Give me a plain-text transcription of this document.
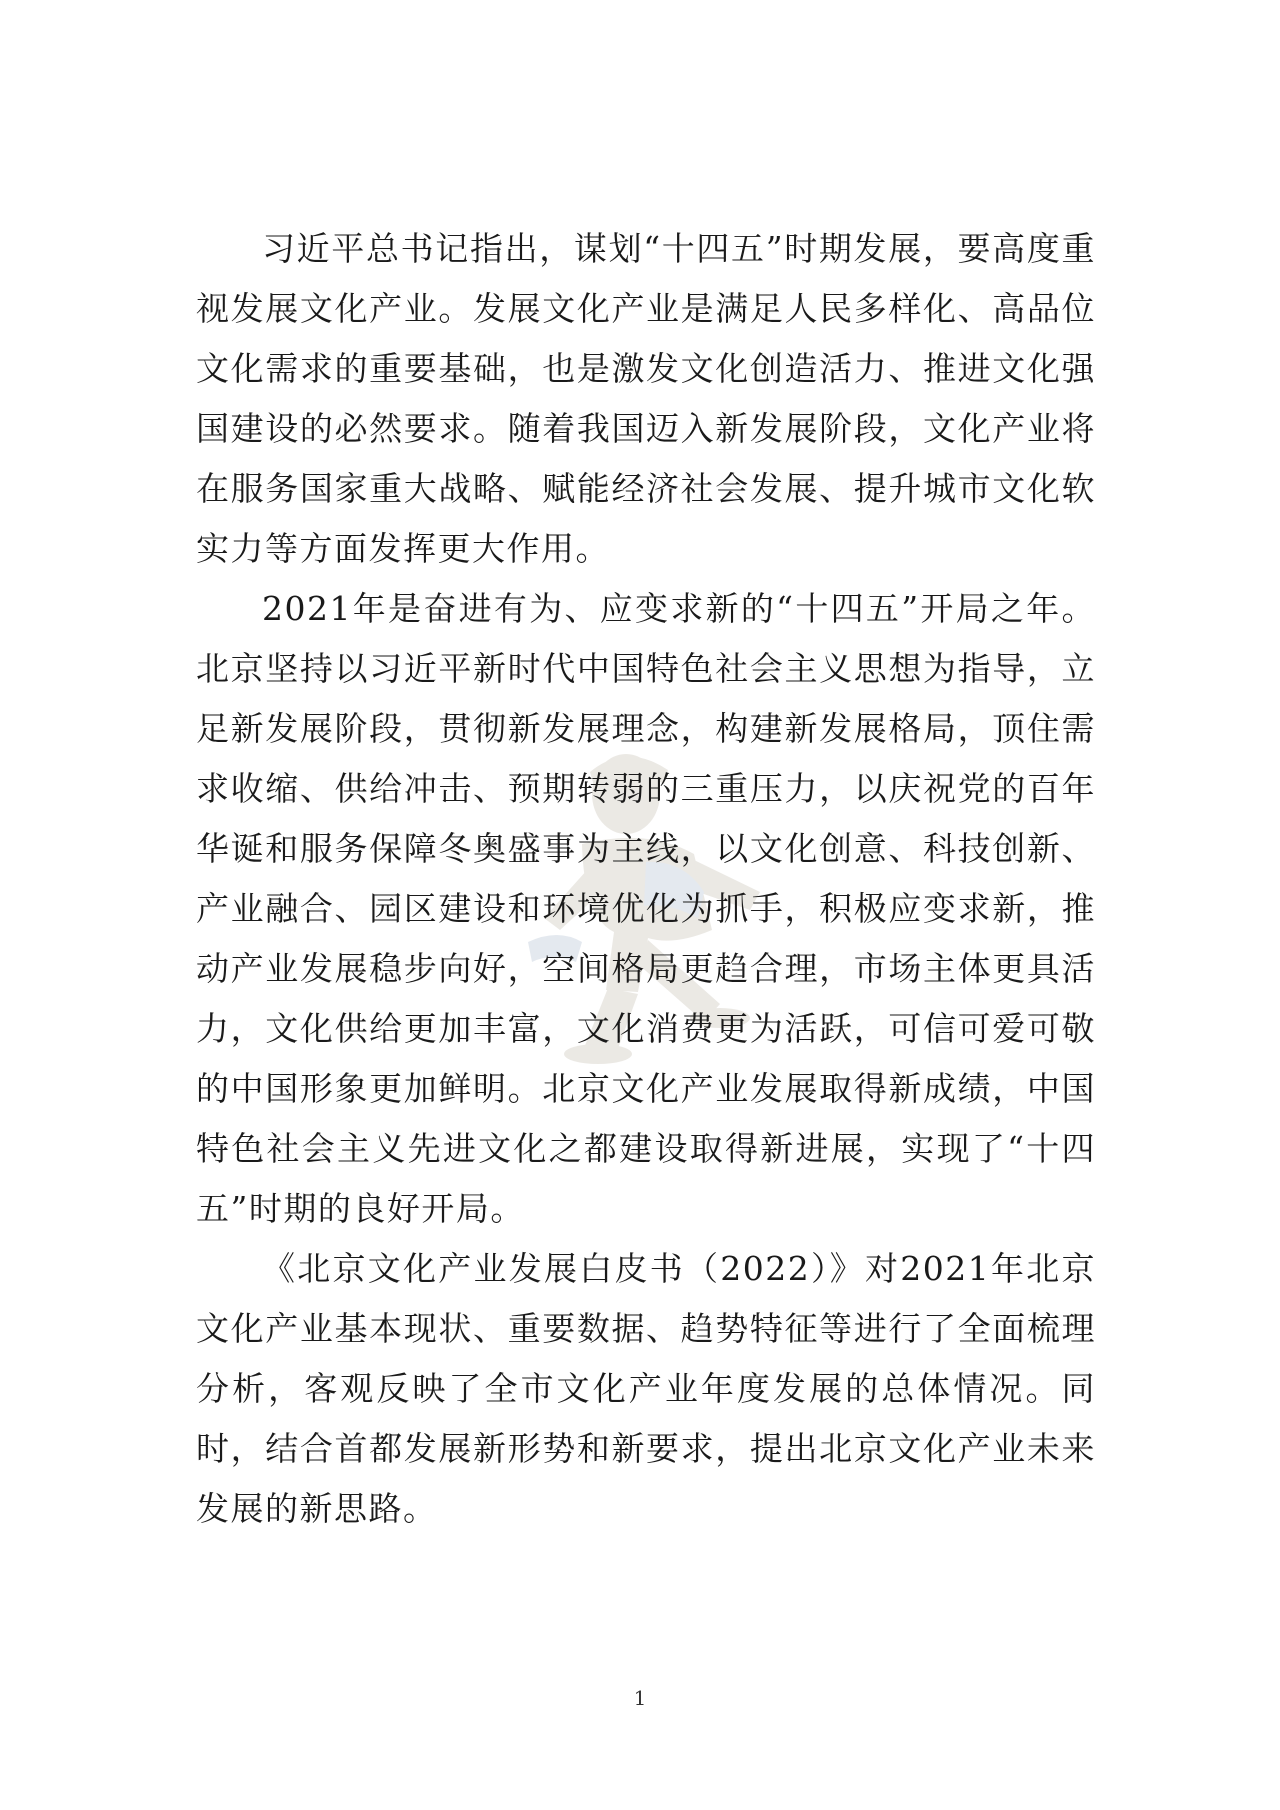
习近平总书记指出，谋划“十四五”时期发展，要高度重视发展文化产业。发展文化产业是满足人民多样化、高品位文化需求的重要基础，也是激发文化创造活力、推进文化强国建设的必然要求。随着我国迈入新发展阶段，文化产业将在服务国家重大战略、赋能经济社会发展、提升城市文化软实力等方面发挥更大作用。

2021年是奋进有为、应变求新的“十四五”开局之年。北京坚持以习近平新时代中国特色社会主义思想为指导，立足新发展阶段，贯彻新发展理念，构建新发展格局，顶住需求收缩、供给冲击、预期转弱的三重压力，以庆祝党的百年华诞和服务保障冬奥盛事为主线，以文化创意、科技创新、产业融合、园区建设和环境优化为抓手，积极应变求新，推动产业发展稳步向好，空间格局更趋合理，市场主体更具活力，文化供给更加丰富，文化消费更为活跃，可信可爱可敬的中国形象更加鲜明。北京文化产业发展取得新成绩，中国特色社会主义先进文化之都建设取得新进展，实现了“十四五”时期的良好开局。

《北京文化产业发展白皮书（2022）》对2021年北京文化产业基本现状、重要数据、趋势特征等进行了全面梳理分析，客观反映了全市文化产业年度发展的总体情况。同时，结合首都发展新形势和新要求，提出北京文化产业未来发展的新思路。

1
